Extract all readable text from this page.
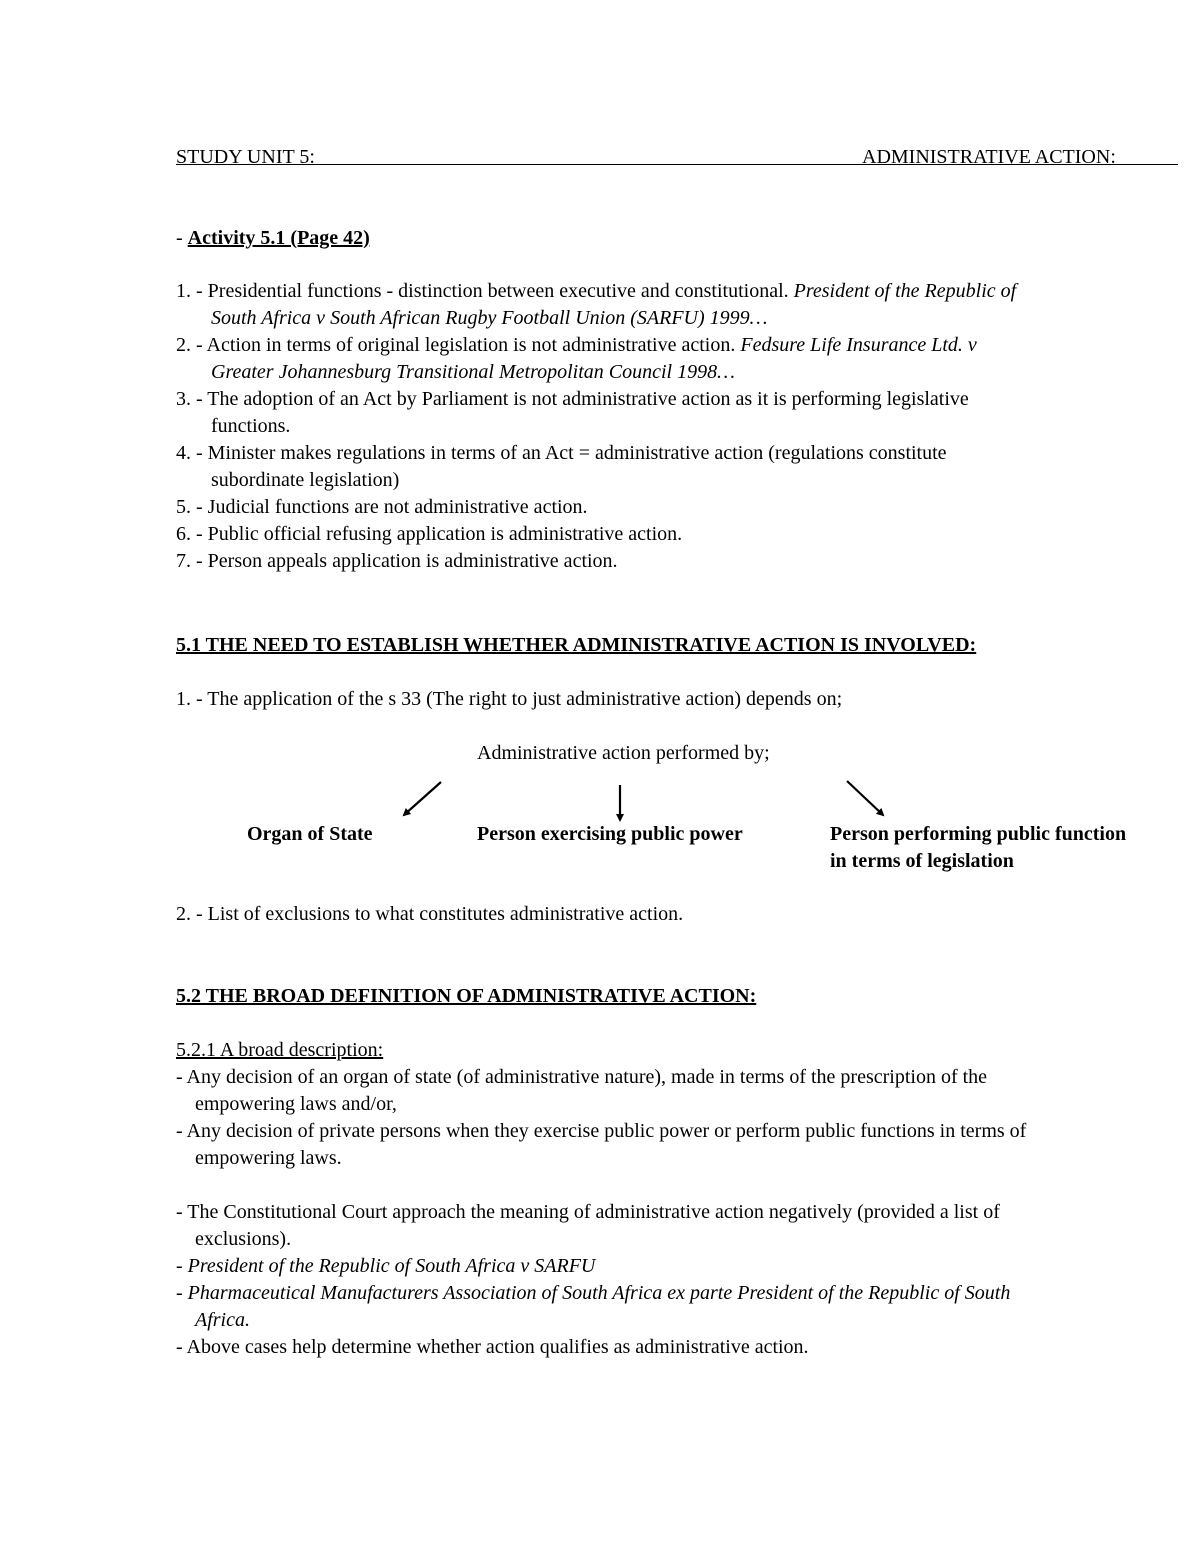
STUDY UNIT 5:	ADMINISTRATIVE ACTION:
- Activity 5.1 (Page 42)
1. - Presidential functions - distinction between executive and constitutional. President of the Republic of
South Africa v South African Rugby Football Union (SARFU) 1999…
2. - Action in terms of original legislation is not administrative action. Fedsure Life Insurance Ltd. v
Greater Johannesburg Transitional Metropolitan Council 1998…
3. - The adoption of an Act by Parliament is not administrative action as it is performing legislative
functions.
4. - Minister makes regulations in terms of an Act = administrative action (regulations constitute
subordinate legislation)
5. - Judicial functions are not administrative action.
6. - Public official refusing application is administrative action.
7. - Person appeals application is administrative action.
5.1 THE NEED TO ESTABLISH WHETHER ADMINISTRATIVE ACTION IS INVOLVED:
1. - The application of the s 33 (The right to just administrative action) depends on;
Administrative action performed by;
Organ of State	Person exercising public power	Person performing public function
in terms of legislation
2. - List of exclusions to what constitutes administrative action.
5.2 THE BROAD DEFINITION OF ADMINISTRATIVE ACTION:
5.2.1 A broad description:
- Any decision of an organ of state (of administrative nature), made in terms of the prescription of the
empowering laws and/or,
- Any decision of private persons when they exercise public power or perform public functions in terms of
empowering laws.
- The Constitutional Court approach the meaning of administrative action negatively (provided a list of
exclusions).
- President of the Republic of South Africa v SARFU
- Pharmaceutical Manufacturers Association of South Africa ex parte President of the Republic of South
Africa.
- Above cases help determine whether action qualifies as administrative action.
